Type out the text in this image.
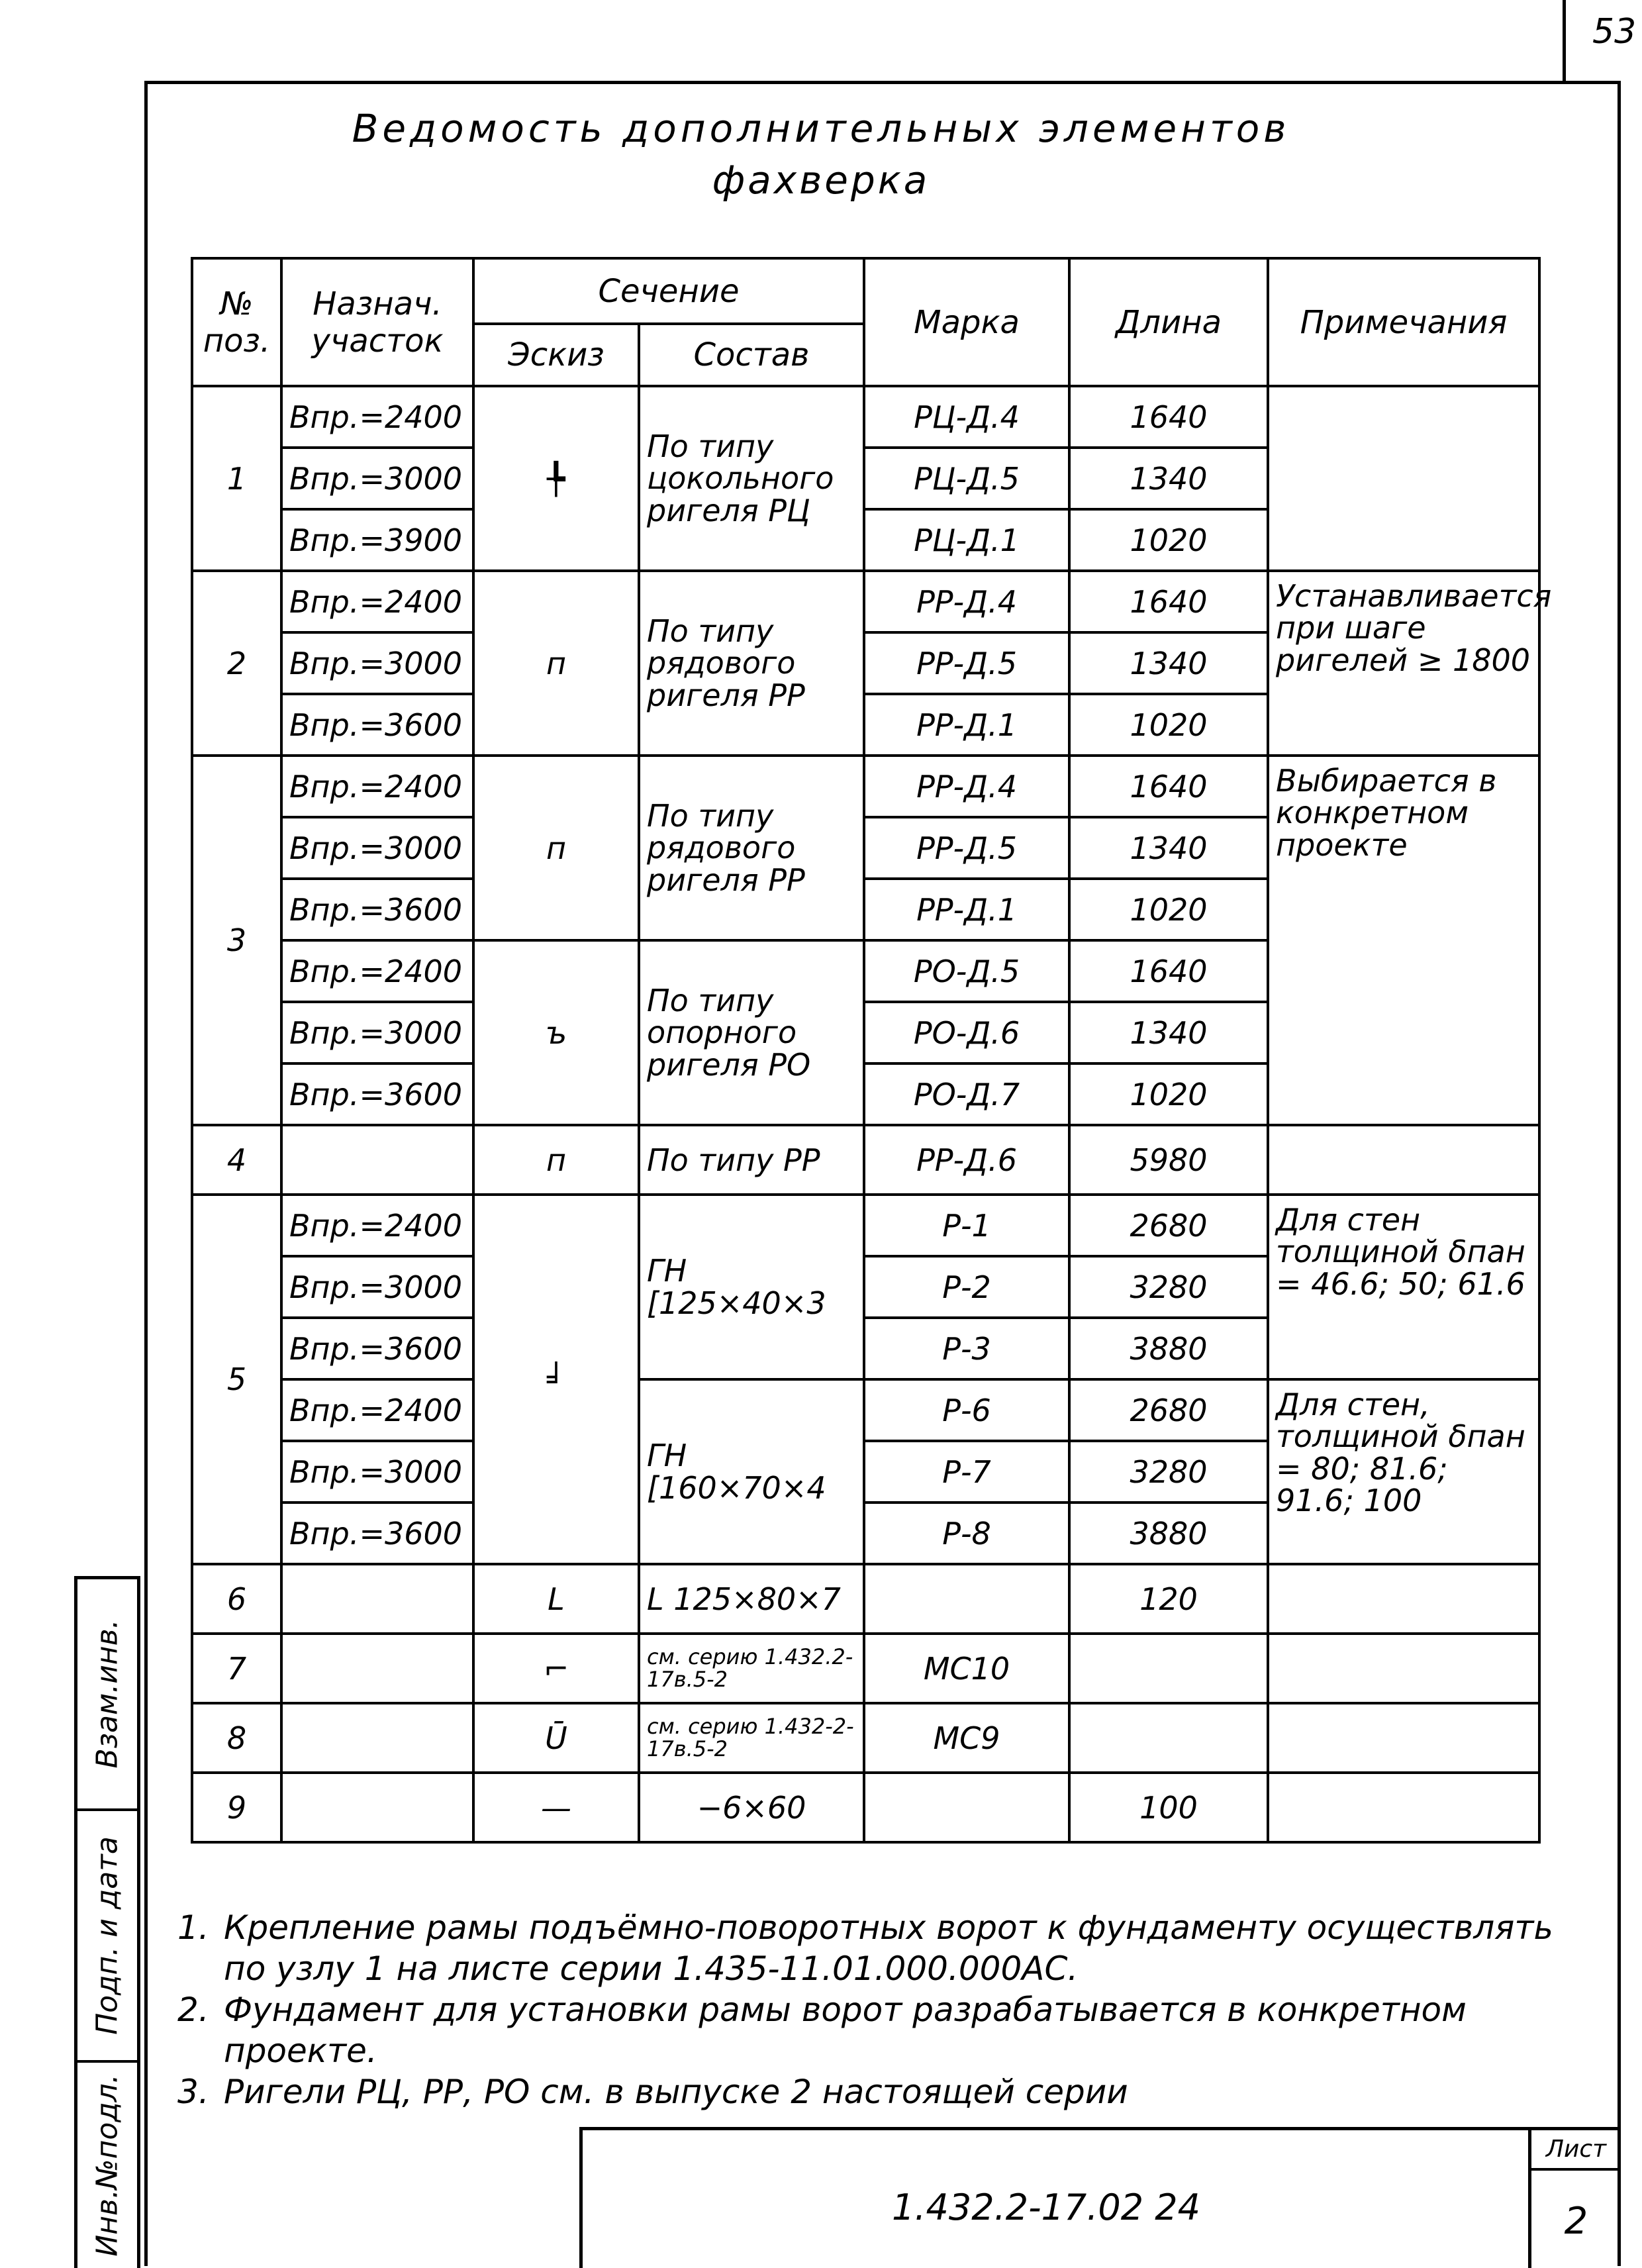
53
Ведомость дополнительных элементов
фахверка
№ поз.	Назнач. участок	Сечение		Марка	Длина	Примечания
		Эскиз	Состав			
1	Впр.=2400	╄	По типу цокольного ригеля РЦ	РЦ-Д.4	1640	
	Впр.=3000			РЦ-Д.5	1340	
	Впр.=3900			РЦ-Д.1	1020	
2	Впр.=2400	п	По типу рядового ригеля РР	РР-Д.4	1640	Устанавливается при шаге ригелей ≥ 1800
	Впр.=3000			РР-Д.5	1340	
	Впр.=3600			РР-Д.1	1020	
3	Впр.=2400	п	По типу рядового ригеля РР	РР-Д.4	1640	Выбирается в конкретном проекте
	Впр.=3000			РР-Д.5	1340	
	Впр.=3600			РР-Д.1	1020	
	Впр.=2400	ъ	По типу опорного ригеля РО	РО-Д.5	1640	
	Впр.=3000			РО-Д.6	1340	
	Впр.=3600			РО-Д.7	1020	
4		п	По типу РР	РР-Д.6	5980	
5	Впр.=2400	╛	ГН [125×40×3	Р-1	2680	Для стен толщиной δпан = 46.6; 50; 61.6
	Впр.=3000			Р-2	3280	
	Впр.=3600			Р-3	3880	
	Впр.=2400		ГН [160×70×4	Р-6	2680	Для стен, толщиной δпан = 80; 81.6; 91.6; 100
	Впр.=3000			Р-7	3280	
	Впр.=3600			Р-8	3880	
6		L	L 125×80×7		120	
7		⌐	см. серию 1.432.2-17в.5-2	МС10		
8		Ū	см. серию 1.432-2-17в.5-2	МС9		
9		—	−6×60		100	
1. Крепление рамы подъёмно-поворотных ворот к фундаменту осуществлять по узлу 1 на листе серии 1.435-11.01.000.000АС.
2. Фундамент для установки рамы ворот разрабатывается в конкретном проекте.
3. Ригели РЦ, РР, РО см. в выпуске 2 настоящей серии
Взам.инв.
Подп. и дата
Инв.№подл.	1.432.2-17.02 24
Лист
2
